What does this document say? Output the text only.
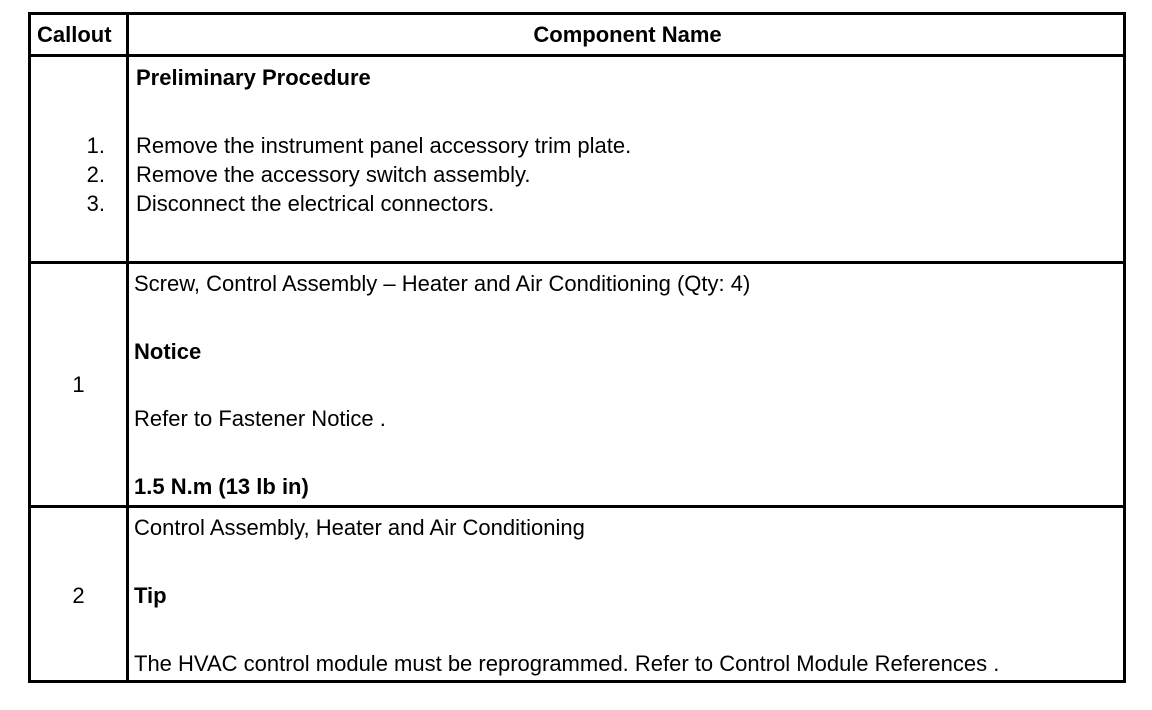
Callout	Component Name
Preliminary Procedure
1. Remove the instrument panel accessory trim plate.
2. Remove the accessory switch assembly.
3. Disconnect the electrical connectors.
1
Screw, Control Assembly – Heater and Air Conditioning (Qty: 4)
Notice
Refer to Fastener Notice .
1.5 N.m (13 lb in)
2
Control Assembly, Heater and Air Conditioning
Tip
The HVAC control module must be reprogrammed. Refer to Control Module References .
